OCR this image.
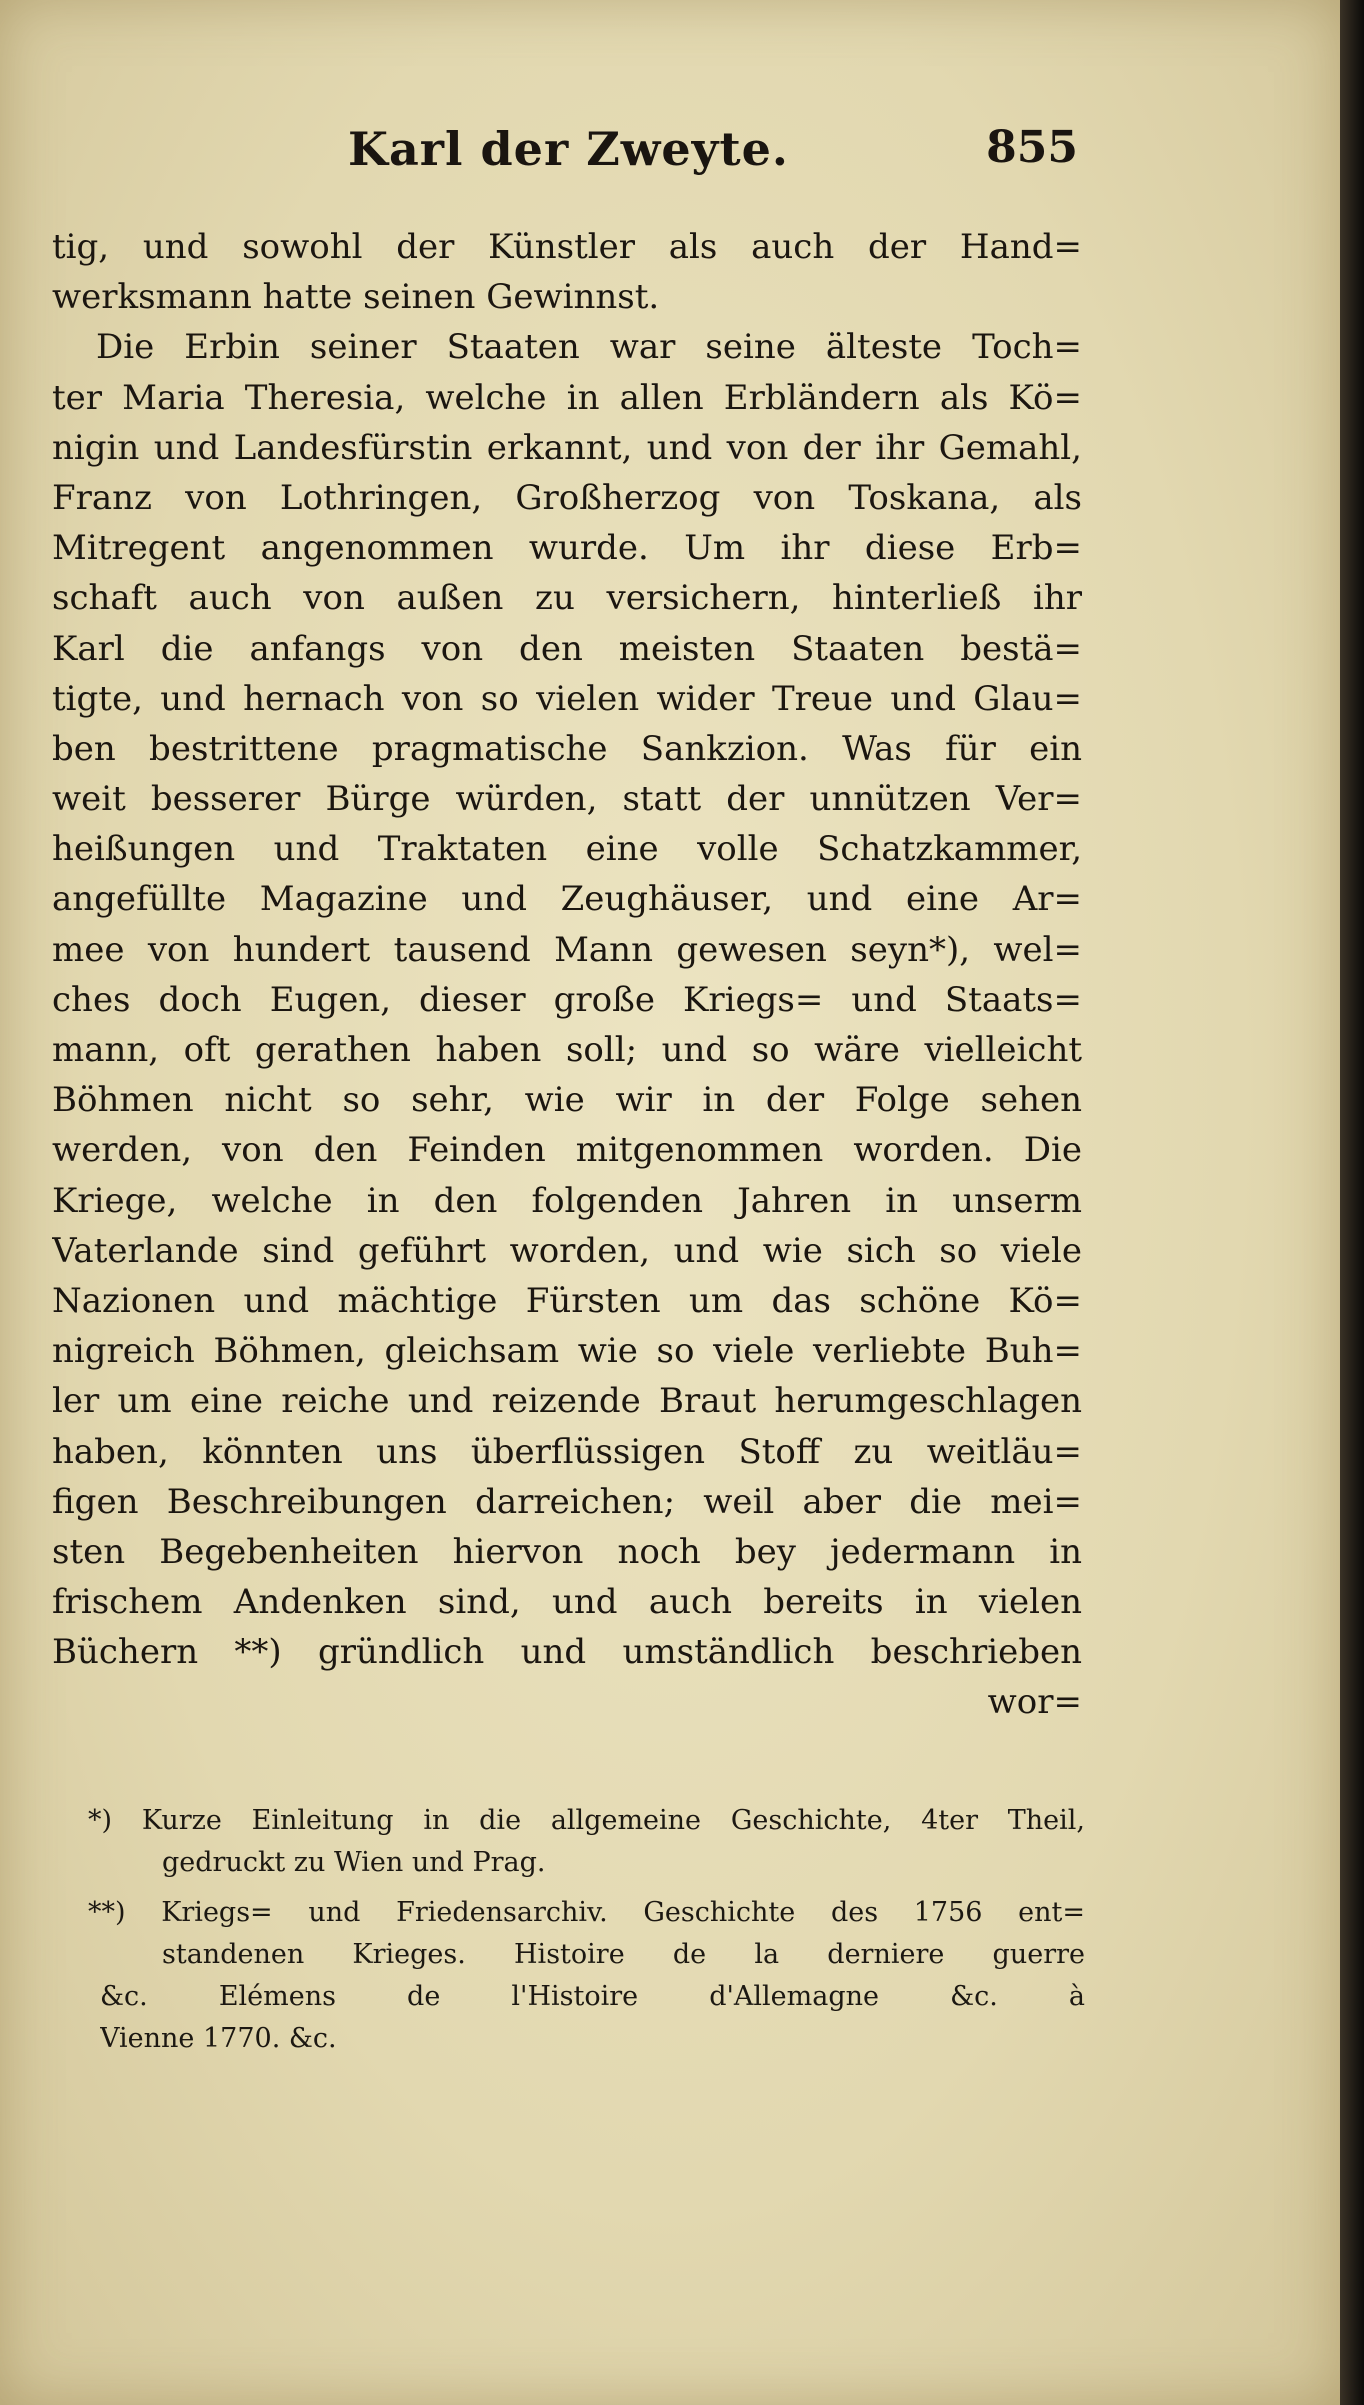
Karl der Zweyte.	855
tig, und sowohl der Künstler als auch der Hand=
werksmann hatte seinen Gewinnst.
Die Erbin seiner Staaten war seine älteste Toch=
ter Maria Theresia, welche in allen Erbländern als Kö=
nigin und Landesfürstin erkannt, und von der ihr Gemahl,
Franz von Lothringen, Großherzog von Toskana, als
Mitregent angenommen wurde. Um ihr diese Erb=
schaft auch von außen zu versichern, hinterließ ihr
Karl die anfangs von den meisten Staaten bestä=
tigte, und hernach von so vielen wider Treue und Glau=
ben bestrittene pragmatische Sankzion. Was für ein
weit besserer Bürge würden, statt der unnützen Ver=
heißungen und Traktaten eine volle Schatzkammer,
angefüllte Magazine und Zeughäuser, und eine Ar=
mee von hundert tausend Mann gewesen seyn*), wel=
ches doch Eugen, dieser große Kriegs= und Staats=
mann, oft gerathen haben soll; und so wäre vielleicht
Böhmen nicht so sehr, wie wir in der Folge sehen
werden, von den Feinden mitgenommen worden. Die
Kriege, welche in den folgenden Jahren in unserm
Vaterlande sind geführt worden, und wie sich so viele
Nazionen und mächtige Fürsten um das schöne Kö=
nigreich Böhmen, gleichsam wie so viele verliebte Buh=
ler um eine reiche und reizende Braut herumgeschlagen
haben, könnten uns überflüssigen Stoff zu weitläu=
figen Beschreibungen darreichen; weil aber die mei=
sten Begebenheiten hiervon noch bey jedermann in
frischem Andenken sind, und auch bereits in vielen
Büchern **) gründlich und umständlich beschrieben
wor=
*) Kurze Einleitung in die allgemeine Geschichte, 4ter Theil,
gedruckt zu Wien und Prag.
**) Kriegs= und Friedensarchiv. Geschichte des 1756 ent=
standenen Krieges. Histoire de la derniere guerre
&c. Elémens de l'Histoire d'Allemagne &c. à
Vienne 1770. &c.
